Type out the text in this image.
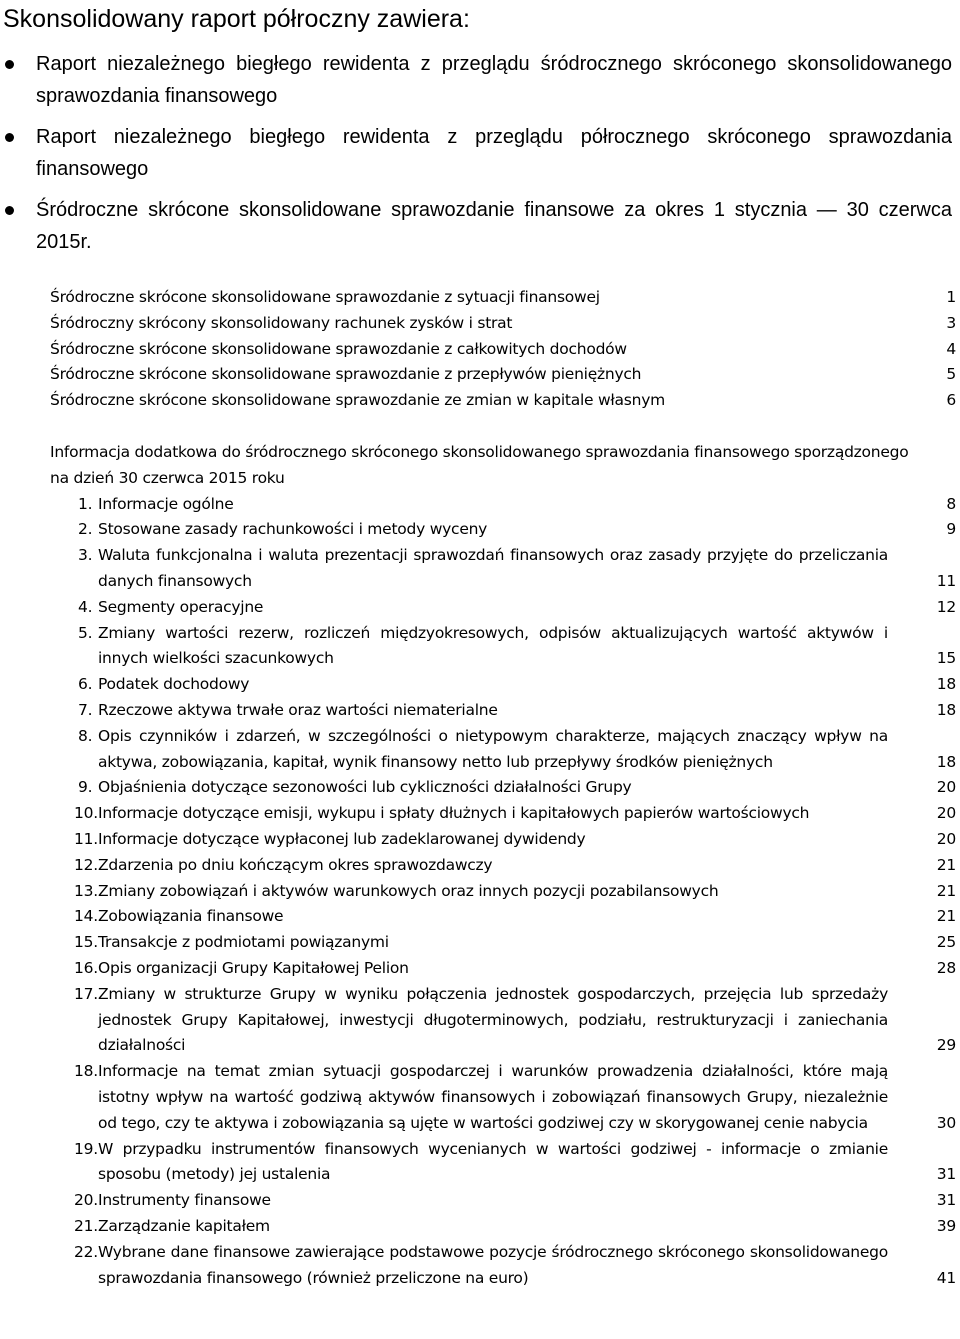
Skonsolidowany raport półroczny zawiera:
Raport niezależnego biegłego rewidenta z przeglądu śródrocznego skróconego skonsolidowanego sprawozdania finansowego
Raport niezależnego biegłego rewidenta z przeglądu półrocznego skróconego sprawozdania finansowego
Śródroczne skrócone skonsolidowane sprawozdanie finansowe za okres 1 stycznia — 30 czerwca 2015r.
Śródroczne skrócone skonsolidowane sprawozdanie z sytuacji finansowej	1
Śródroczny skrócony skonsolidowany rachunek zysków i strat	3
Śródroczne skrócone skonsolidowane sprawozdanie z całkowitych dochodów	4
Śródroczne skrócone skonsolidowane sprawozdanie z przepływów pieniężnych	5
Śródroczne skrócone skonsolidowane sprawozdanie ze zmian w kapitale własnym	6
Informacja dodatkowa do śródrocznego skróconego skonsolidowanego sprawozdania finansowego sporządzonego na dzień 30 czerwca 2015 roku
1. Informacje ogólne	8
2. Stosowane zasady rachunkowości i metody wyceny	9
3. Waluta funkcjonalna i waluta prezentacji sprawozdań finansowych oraz zasady przyjęte do przeliczania danych finansowych	11
4. Segmenty operacyjne	12
5. Zmiany wartości rezerw, rozliczeń międzyokresowych, odpisów aktualizujących wartość aktywów i innych wielkości szacunkowych	15
6. Podatek dochodowy	18
7. Rzeczowe aktywa trwałe oraz wartości niematerialne	18
8. Opis czynników i zdarzeń, w szczególności o nietypowym charakterze, mających znaczący wpływ na aktywa, zobowiązania, kapitał, wynik finansowy netto lub przepływy środków pieniężnych	18
9. Objaśnienia dotyczące sezonowości lub cykliczności działalności Grupy	20
10. Informacje dotyczące emisji, wykupu i spłaty dłużnych i kapitałowych papierów wartościowych	20
11. Informacje dotyczące wypłaconej lub zadeklarowanej dywidendy	20
12. Zdarzenia po dniu kończącym okres sprawozdawczy	21
13. Zmiany zobowiązań i aktywów warunkowych oraz innych pozycji pozabilansowych	21
14. Zobowiązania finansowe	21
15. Transakcje z podmiotami powiązanymi	25
16. Opis organizacji Grupy Kapitałowej Pelion	28
17. Zmiany w strukturze Grupy w wyniku połączenia jednostek gospodarczych, przejęcia lub sprzedaży jednostek Grupy Kapitałowej, inwestycji długoterminowych, podziału, restrukturyzacji i zaniechania działalności	29
18. Informacje na temat zmian sytuacji gospodarczej i warunków prowadzenia działalności, które mają istotny wpływ na wartość godziwą aktywów finansowych i zobowiązań finansowych Grupy, niezależnie od tego, czy te aktywa i zobowiązania są ujęte w wartości godziwej czy w skorygowanej cenie nabycia	30
19. W przypadku instrumentów finansowych wycenianych w wartości godziwej - informacje o zmianie sposobu (metody) jej ustalenia	31
20. Instrumenty finansowe	31
21. Zarządzanie kapitałem	39
22. Wybrane dane finansowe zawierające podstawowe pozycje śródrocznego skróconego skonsolidowanego sprawozdania finansowego (również przeliczone na euro)	41
